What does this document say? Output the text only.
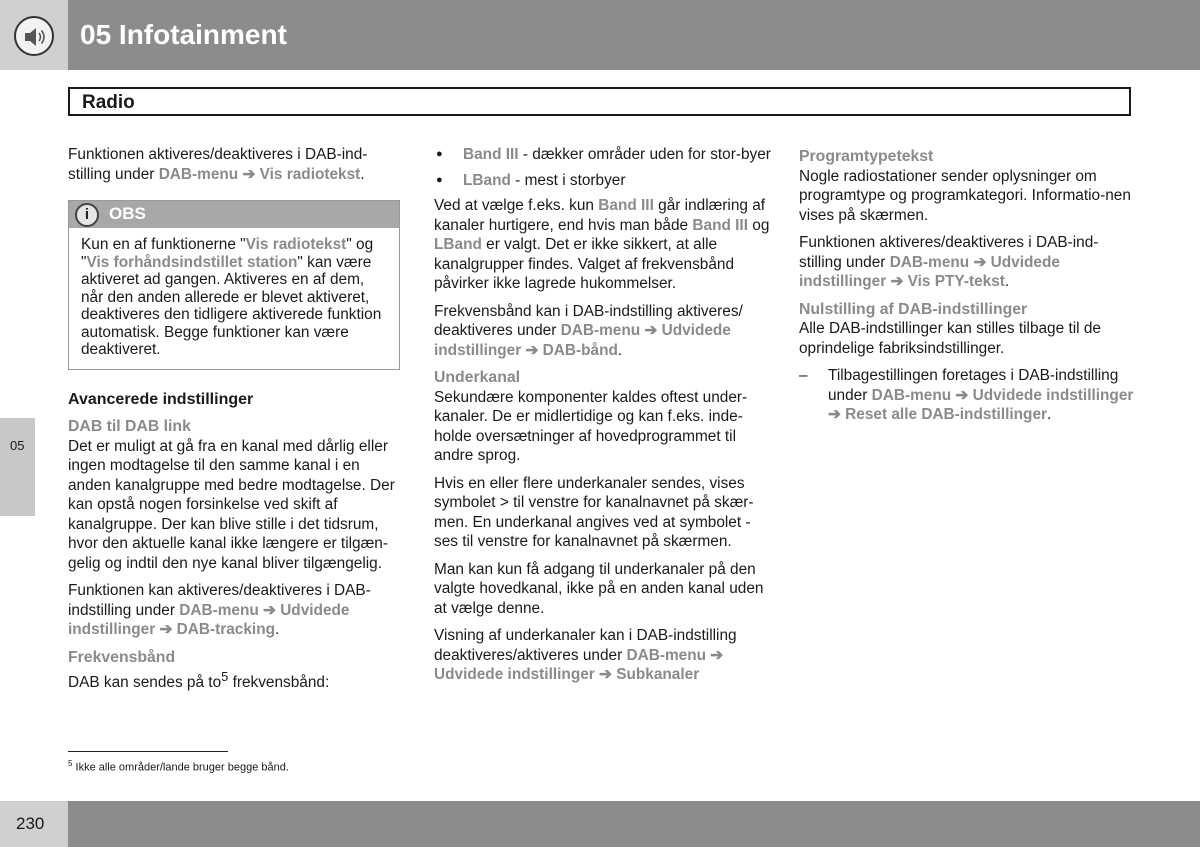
05 Infotainment
Radio
05

Funktionen aktiveres/deaktiveres i DAB-ind-stilling under DAB-menu ➔ Vis radiotekst.

i	OBS
Kun en af funktionerne "Vis radiotekst" og "Vis forhåndsindstillet station" kan være aktiveret ad gangen. Aktiveres en af dem, når den anden allerede er blevet aktiveret, deaktiveres den tidligere aktiverede funktion automatisk. Begge funktioner kan være deaktiveret.
Avancerede indstillinger
DAB til DAB link

Det er muligt at gå fra en kanal med dårlig eller ingen modtagelse til den samme kanal i en anden kanalgruppe med bedre modtagelse. Der kan opstå nogen forsinkelse ved skift af kanalgruppe. Der kan blive stille i det tidsrum, hvor den aktuelle kanal ikke længere er tilgæn-gelig og indtil den nye kanal bliver tilgængelig.

Funktionen kan aktiveres/deaktiveres i DAB-indstilling under DAB-menu ➔ Udvidede indstillinger ➔ DAB-tracking.

Frekvensbånd

DAB kan sendes på $to^5$ frekvensbånd:

● Band III - dækker områder uden for stor-byer
● LBand - mest i storbyer

Ved at vælge f.eks. kun Band III går indlæring af kanaler hurtigere, end hvis man både Band III og LBand er valgt. Det er ikke sikkert, at alle kanalgrupper findes. Valget af frekvensbånd påvirker ikke lagrede hukommelser.

Frekvensbånd kan i DAB-indstilling aktiveres/ deaktiveres under DAB-menu ➔ Udvidede indstillinger ➔ DAB-bånd.

Underkanal

Sekundære komponenter kaldes oftest under-kanaler. De er midlertidige og kan f.eks. inde-holde oversætninger af hovedprogrammet til andre sprog.

Hvis en eller flere underkanaler sendes, vises symbolet > til venstre for kanalnavnet på skær-men. En underkanal angives ved at symbolet - ses til venstre for kanalnavnet på skærmen.

Man kan kun få adgang til underkanaler på den valgte hovedkanal, ikke på en anden kanal uden at vælge denne.

Visning af underkanaler kan i DAB-indstilling deaktiveres/aktiveres under DAB-menu ➔ Udvidede indstillinger ➔ Subkanaler

Programtypetekst

Nogle radiostationer sender oplysninger om programtype og programkategori. Informatio-nen vises på skærmen.

Funktionen aktiveres/deaktiveres i DAB-ind-stilling under DAB-menu ➔ Udvidede indstillinger ➔ Vis PTY-tekst.

Nulstilling af DAB-indstillinger

Alle DAB-indstillinger kan stilles tilbage til de oprindelige fabriksindstillinger.

– Tilbagestillingen foretages i DAB-indstilling under DAB-menu ➔ Udvidede indstillinger ➔ Reset alle DAB-indstillinger.

$^5$ Ikke alle områder/lande bruger begge bånd.
230
